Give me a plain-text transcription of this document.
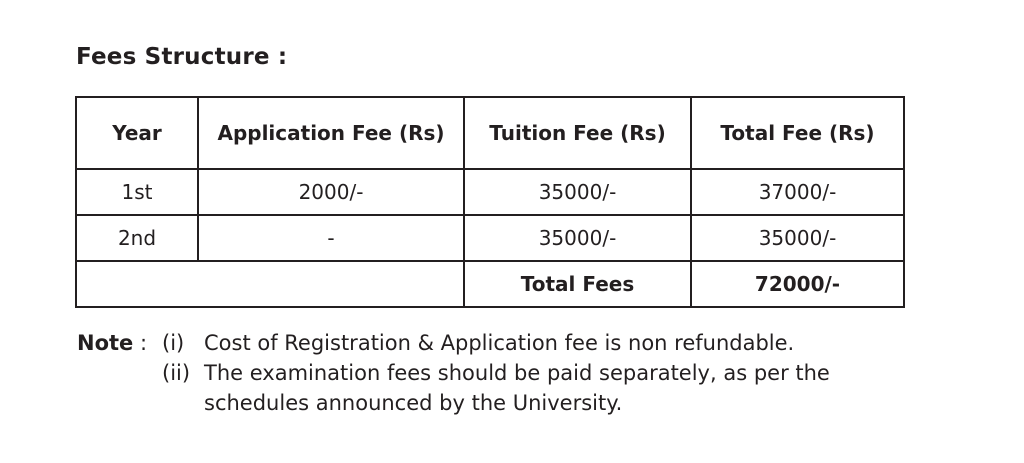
Fees Structure :
Year	Application Fee (Rs)	Tuition Fee (Rs)	Total Fee (Rs)
1st	2000/-	35000/-	37000/-
2nd	-	35000/-	35000/-
		Total Fees	72000/-
Note : (i) Cost of Registration & Application fee is non refundable.
(ii) The examination fees should be paid separately, as per the
schedules announced by the University.
